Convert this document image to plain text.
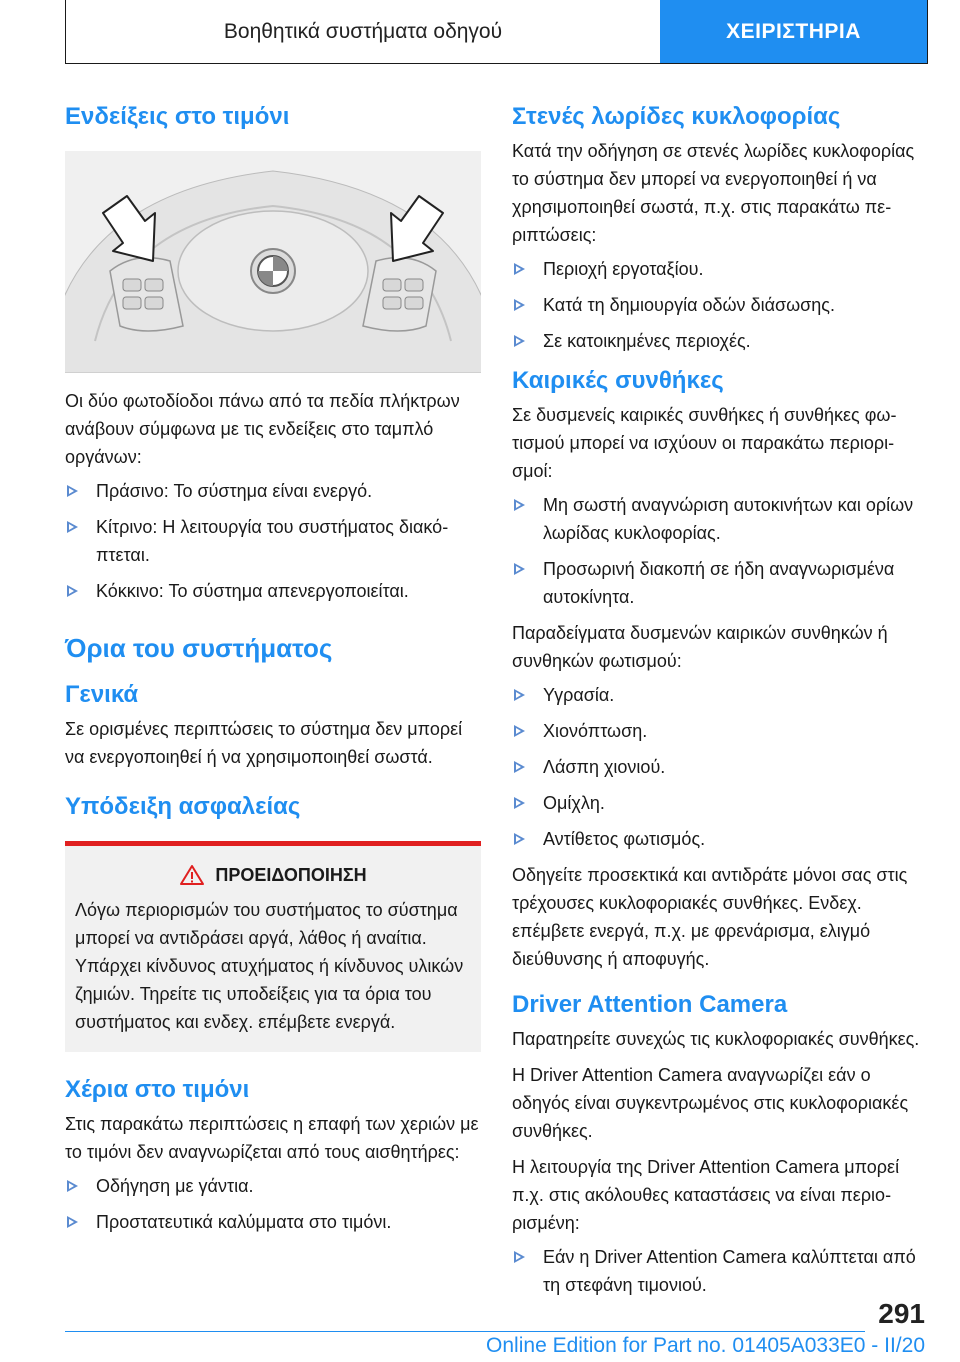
Βοηθητικά συστήματα οδηγού	ΧΕΙΡΙΣΤΗΡΙΑ
Ενδείξεις στο τιμόνι

Οι δύο φωτοδίοδοι πάνω από τα πεδία πλήκτρων ανάβουν σύμφωνα με τις ενδείξεις στο ταμπλό οργάνων:

Πράσινο: Το σύστημα είναι ενεργό.
Κίτρινο: Η λειτουργία του συστήματος διακόπτεται.
Κόκκινο: Το σύστημα απενεργοποιείται.
Όρια του συστήματος
Γενικά

Σε ορισμένες περιπτώσεις το σύστημα δεν μπορεί να ενεργοποιηθεί ή να χρησιμοποιηθεί σωστά.

Υπόδειξη ασφαλείας
ΠΡΟΕΙΔΟΠΟΙΗΣΗ

Λόγω περιορισμών του συστήματος το σύστημα μπορεί να αντιδράσει αργά, λάθος ή αναίτια. Υπάρχει κίνδυνος ατυχήματος ή κίνδυνος υλικών ζημιών. Τηρείτε τις υποδείξεις για τα όρια του συστήματος και ενδεχ. επέμβετε ενεργά.

Χέρια στο τιμόνι

Στις παρακάτω περιπτώσεις η επαφή των χεριών με το τιμόνι δεν αναγνωρίζεται από τους αισθητήρες:

Οδήγηση με γάντια.
Προστατευτικά καλύμματα στο τιμόνι.
Στενές λωρίδες κυκλοφορίας

Κατά την οδήγηση σε στενές λωρίδες κυκλοφορίας το σύστημα δεν μπορεί να ενεργοποιηθεί ή να χρησιμοποιηθεί σωστά, π.χ. στις παρακάτω περιπτώσεις:

Περιοχή εργοταξίου.
Κατά τη δημιουργία οδών διάσωσης.
Σε κατοικημένες περιοχές.
Καιρικές συνθήκες

Σε δυσμενείς καιρικές συνθήκες ή συνθήκες φωτισμού μπορεί να ισχύουν οι παρακάτω περιορισμοί:

Μη σωστή αναγνώριση αυτοκινήτων και ορίων λωρίδας κυκλοφορίας.
Προσωρινή διακοπή σε ήδη αναγνωρισμένα αυτοκίνητα.

Παραδείγματα δυσμενών καιρικών συνθηκών ή συνθηκών φωτισμού:

Υγρασία.
Χιονόπτωση.
Λάσπη χιονιού.
Ομίχλη.
Αντίθετος φωτισμός.

Οδηγείτε προσεκτικά και αντιδράτε μόνοι σας στις τρέχουσες κυκλοφοριακές συνθήκες. Ενδεχ. επέμβετε ενεργά, π.χ. με φρενάρισμα, ελιγμό διεύθυνσης ή αποφυγής.

Driver Attention Camera

Παρατηρείτε συνεχώς τις κυκλοφοριακές συνθήκες.

Η Driver Attention Camera αναγνωρίζει εάν ο οδηγός είναι συγκεντρωμένος στις κυκλοφοριακές συνθήκες.

Η λειτουργία της Driver Attention Camera μπορεί π.χ. στις ακόλουθες καταστάσεις να είναι περιορισμένη:

Εάν η Driver Attention Camera καλύπτεται από τη στεφάνη τιμονιού.
291
Online Edition for Part no. 01405A033E0 - II/20
